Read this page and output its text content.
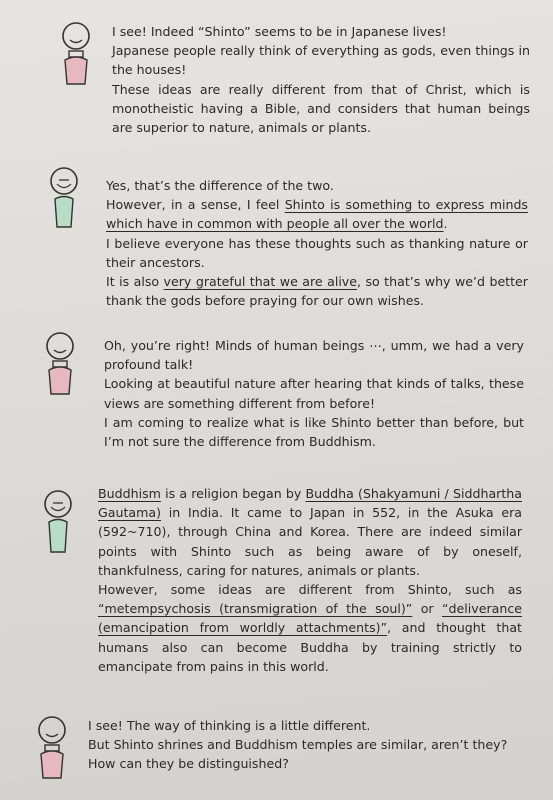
I see! Indeed “Shinto” seems to be in Japanese lives!

Japanese people really think of everything as gods, even things in the houses!

These ideas are really different from that of Christ, which is monotheistic having a Bible, and considers that human beings are superior to nature, animals or plants.

Yes, that’s the difference of the two.

However, in a sense, I feel Shinto is something to express minds which have in common with people all over the world.

I believe everyone has these thoughts such as thanking nature or their ancestors.

It is also very grateful that we are alive, so that’s why we’d better thank the gods before praying for our own wishes.

Oh, you’re right! Minds of human beings ⋯, umm, we had a very profound talk!

Looking at beautiful nature after hearing that kinds of talks, these views are something different from before!

I am coming to realize what is like Shinto better than before, but I’m not sure the difference from Buddhism.

Buddhism is a religion began by Buddha (Shakyamuni / Siddhartha Gautama) in India. It came to Japan in 552, in the Asuka era (592~710), through China and Korea. There are indeed similar points with Shinto such as being aware of by oneself, thankfulness, caring for natures, animals or plants.

However, some ideas are different from Shinto, such as “metempsychosis (transmigration of the soul)” or “deliverance (emancipation from worldly attachments)”, and thought that humans also can become Buddha by training strictly to emancipate from pains in this world.

I see! The way of thinking is a little different.

But Shinto shrines and Buddhism temples are similar, aren’t they?

How can they be distinguished?
